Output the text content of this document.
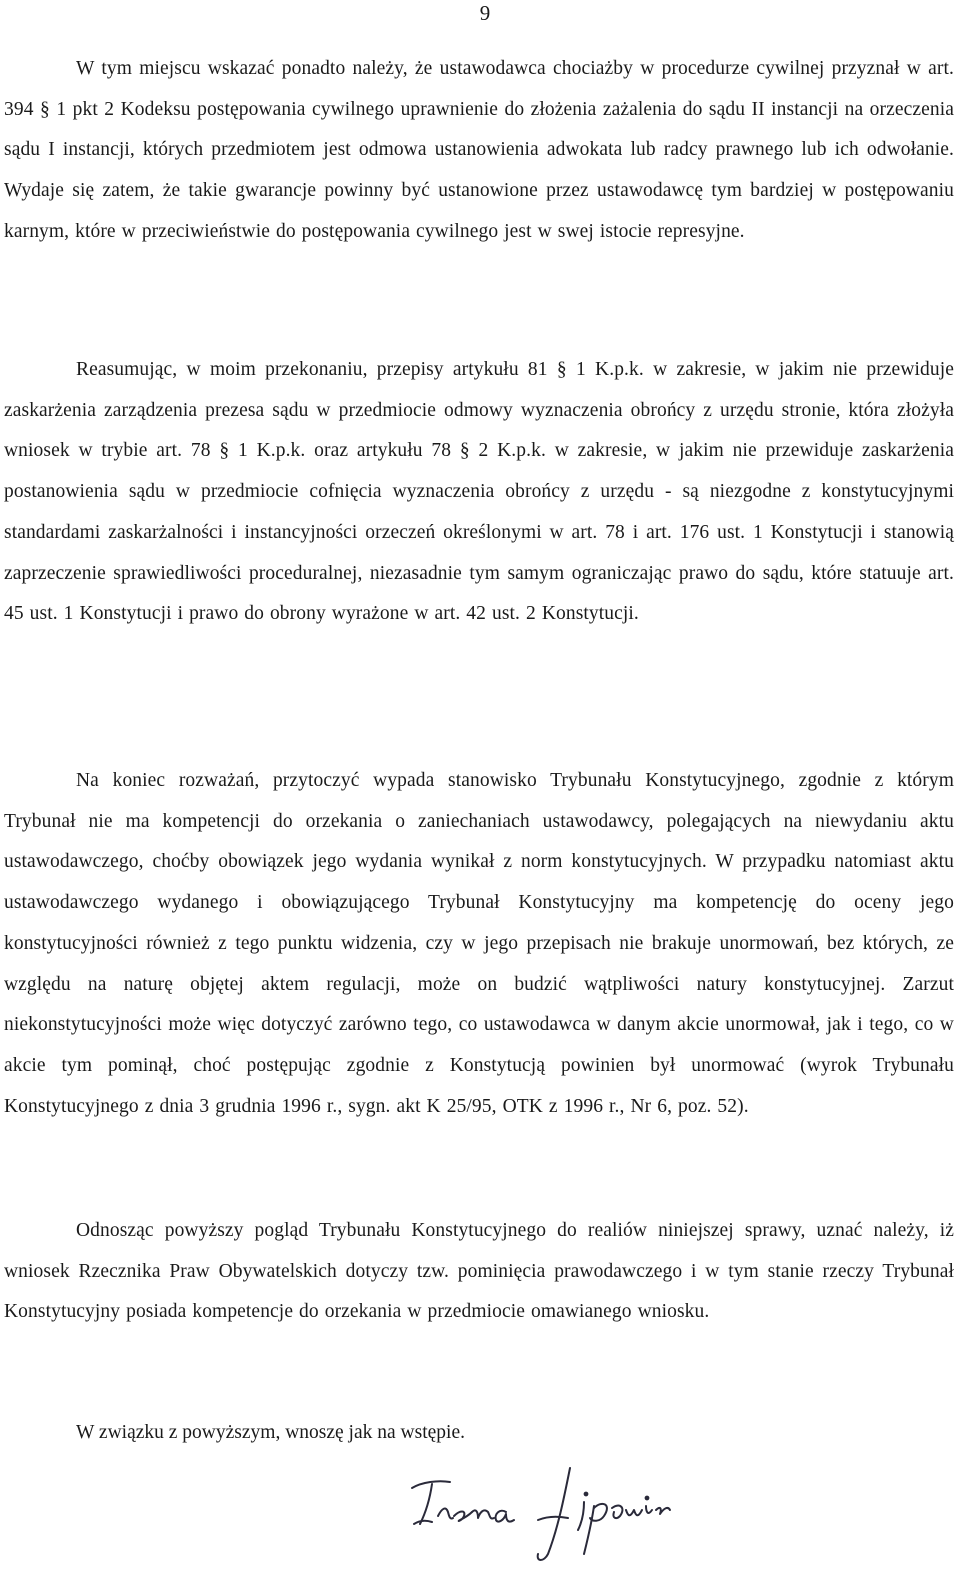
9

W tym miejscu wskazać ponadto należy, że ustawodawca chociażby w procedurze cywilnej przyznał w art. 394 § 1 pkt 2 Kodeksu postępowania cywilnego uprawnienie do złożenia zażalenia do sądu II instancji na orzeczenia sądu I instancji, których przedmiotem jest odmowa ustanowienia adwokata lub radcy prawnego lub ich odwołanie. Wydaje się zatem, że takie gwarancje powinny być ustanowione przez ustawodawcę tym bardziej w postępowaniu karnym, które w przeciwieństwie do postępowania cywilnego jest w swej istocie represyjne.

Reasumując, w moim przekonaniu, przepisy artykułu 81 § 1 K.p.k. w zakresie, w jakim nie przewiduje zaskarżenia zarządzenia prezesa sądu w przedmiocie odmowy wyznaczenia obrońcy z urzędu stronie, która złożyła wniosek w trybie art. 78 § 1 K.p.k. oraz artykułu 78 § 2 K.p.k. w zakresie, w jakim nie przewiduje zaskarżenia postanowienia sądu w przedmiocie cofnięcia wyznaczenia obrońcy z urzędu - są niezgodne z konstytucyjnymi standardami zaskarżalności i instancyjności orzeczeń określonymi w art. 78 i art. 176 ust. 1 Konstytucji i stanowią zaprzeczenie sprawiedliwości proceduralnej, niezasadnie tym samym ograniczając prawo do sądu, które statuuje art. 45 ust. 1 Konstytucji i prawo do obrony wyrażone w art. 42 ust. 2 Konstytucji.

Na koniec rozważań, przytoczyć wypada stanowisko Trybunału Konstytucyjnego, zgodnie z którym Trybunał nie ma kompetencji do orzekania o zaniechaniach ustawodawcy, polegających na niewydaniu aktu ustawodawczego, choćby obowiązek jego wydania wynikał z norm konstytucyjnych. W przypadku natomiast aktu ustawodawczego wydanego i obowiązującego Trybunał Konstytucyjny ma kompetencję do oceny jego konstytucyjności również z tego punktu widzenia, czy w jego przepisach nie brakuje unormowań, bez których, ze względu na naturę objętej aktem regulacji, może on budzić wątpliwości natury konstytucyjnej. Zarzut niekonstytucyjności może więc dotyczyć zarówno tego, co ustawodawca w danym akcie unormował, jak i tego, co w akcie tym pominął, choć postępując zgodnie z Konstytucją powinien był unormować (wyrok Trybunału Konstytucyjnego z dnia 3 grudnia 1996 r., sygn. akt K 25/95, OTK z 1996 r., Nr 6, poz. 52).

Odnosząc powyższy pogląd Trybunału Konstytucyjnego do realiów niniejszej sprawy, uznać należy, iż wniosek Rzecznika Praw Obywatelskich dotyczy tzw. pominięcia prawodawczego i w tym stanie rzeczy Trybunał Konstytucyjny posiada kompetencje do orzekania w przedmiocie omawianego wniosku.

W związku z powyższym, wnoszę jak na wstępie.
